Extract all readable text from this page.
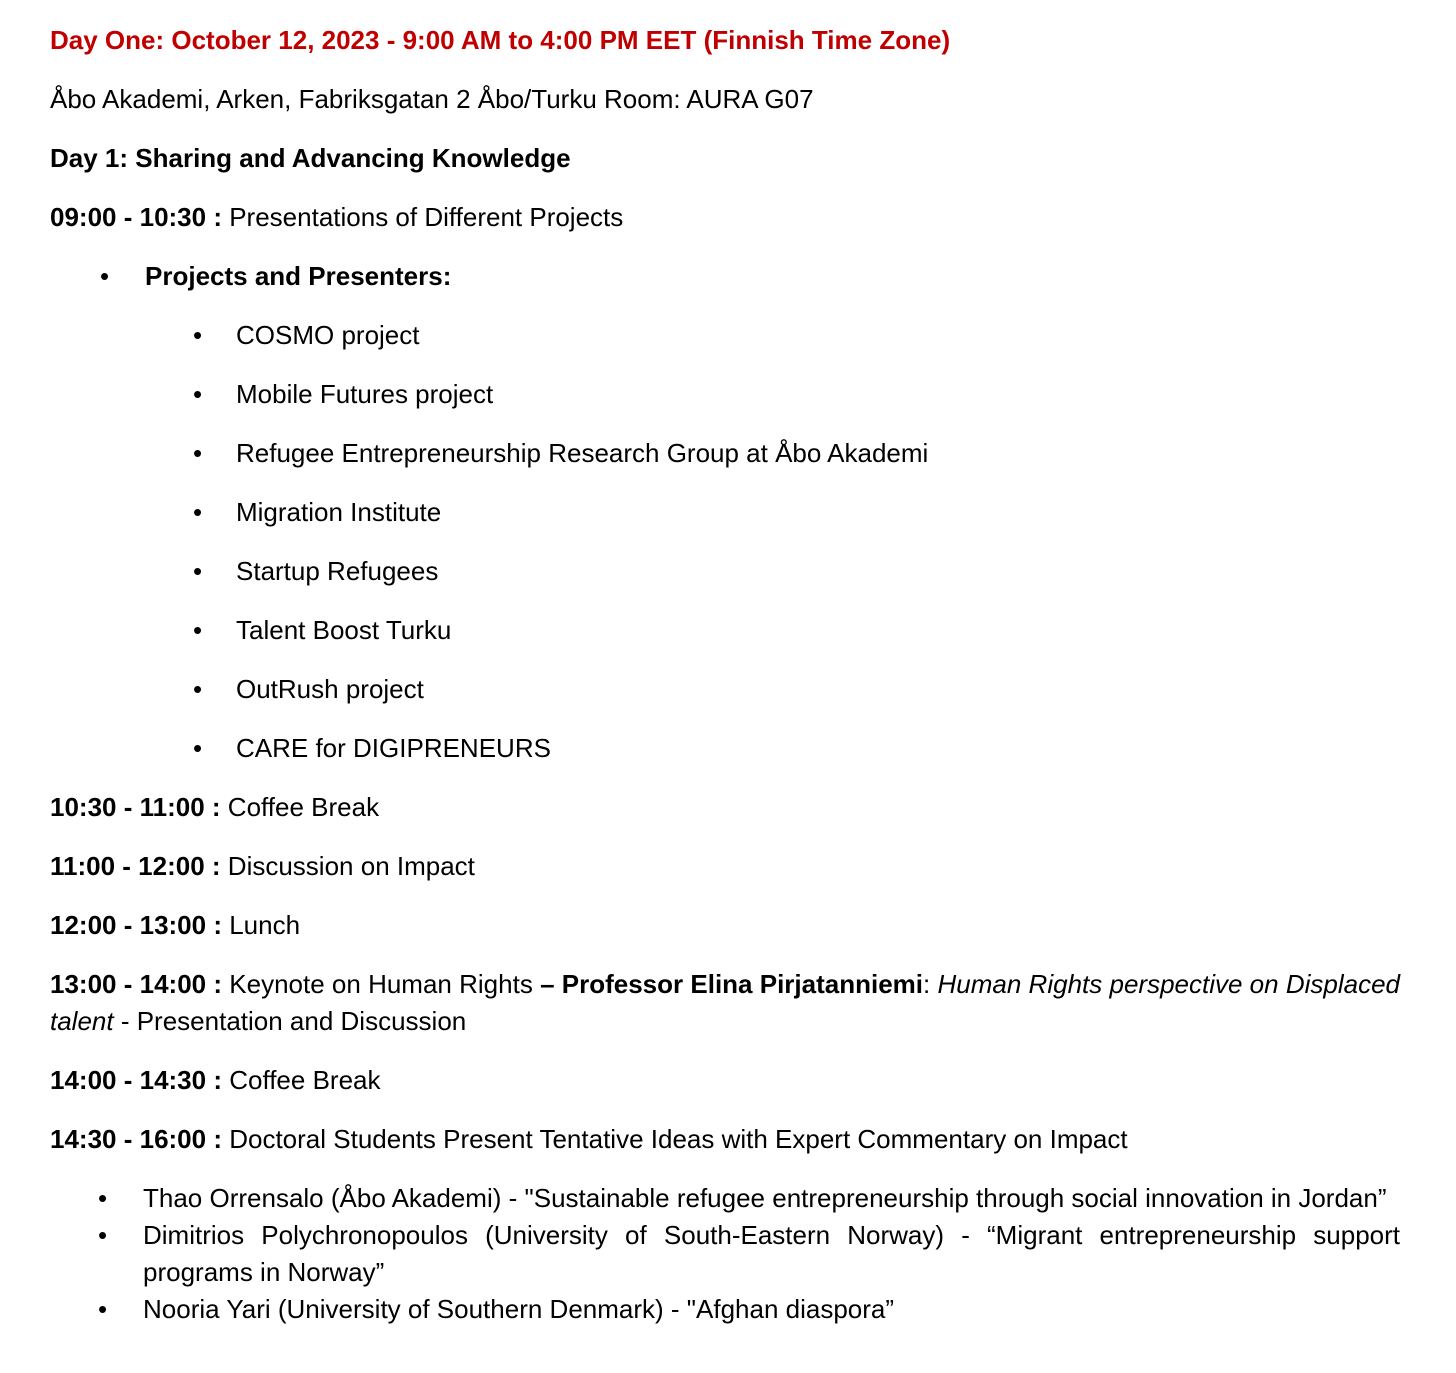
Day One: October 12, 2023 - 9:00 AM to 4:00 PM EET (Finnish Time Zone)

Åbo Akademi, Arken, Fabriksgatan 2 Åbo/Turku Room: AURA G07

Day 1: Sharing and Advancing Knowledge

09:00 - 10:30 : Presentations of Different Projects

•	Projects and Presenters:
•	COSMO project
•	Mobile Futures project
•	Refugee Entrepreneurship Research Group at Åbo Akademi
•	Migration Institute
•	Startup Refugees
•	Talent Boost Turku
•	OutRush project
•	CARE for DIGIPRENEURS

10:30 - 11:00 : Coffee Break

11:00 - 12:00 : Discussion on Impact

12:00 - 13:00 : Lunch

13:00 - 14:00 : Keynote on Human Rights – Professor Elina Pirjatanniemi: Human Rights perspective on Displaced talent - Presentation and Discussion

14:00 - 14:30 : Coffee Break

14:30 - 16:00 : Doctoral Students Present Tentative Ideas with Expert Commentary on Impact

•	Thao Orrensalo (Åbo Akademi) - "Sustainable refugee entrepreneurship through social innovation in Jordan”
•	Dimitrios Polychronopoulos (University of South-Eastern Norway) - “Migrant entrepreneurship support programs in Norway”
•	Nooria Yari (University of Southern Denmark) - "Afghan diaspora”
